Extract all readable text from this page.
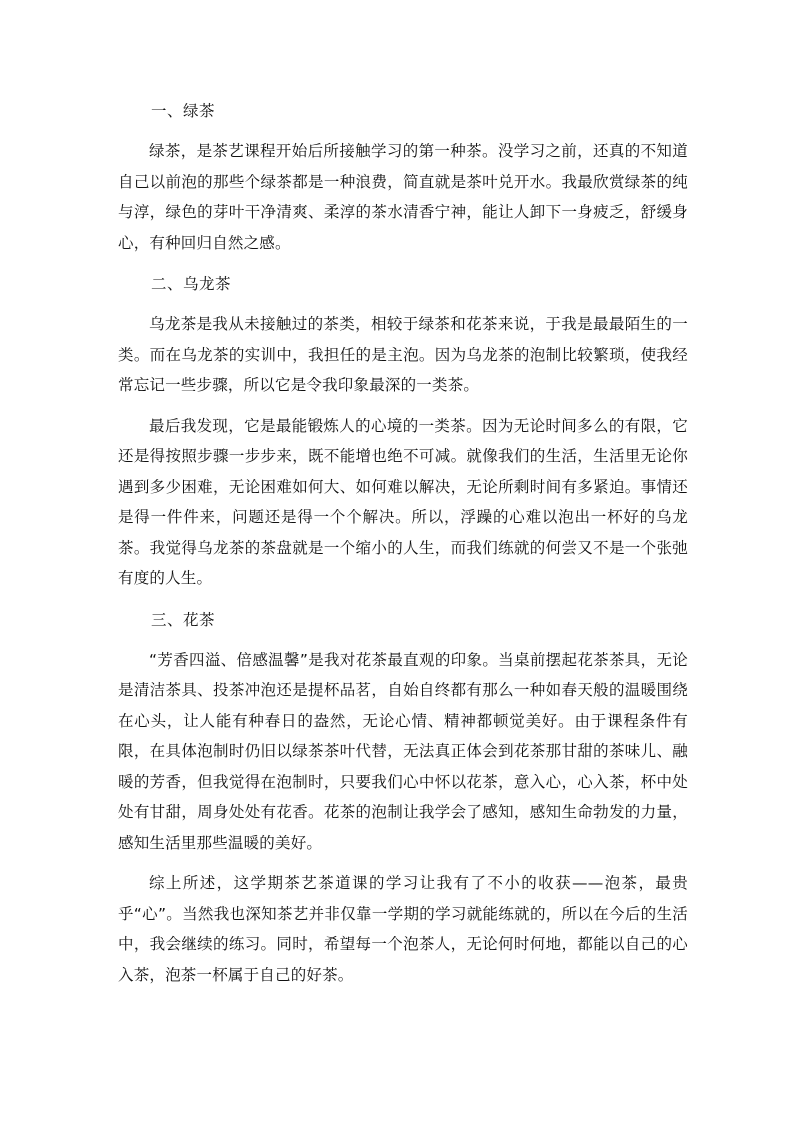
一、绿茶

绿茶，是茶艺课程开始后所接触学习的第一种茶。没学习之前，还真的不知道自己以前泡的那些个绿茶都是一种浪费，简直就是茶叶兑开水。我最欣赏绿茶的纯与淳，绿色的芽叶干净清爽、柔淳的茶水清香宁神，能让人卸下一身疲乏，舒缓身心，有种回归自然之感。

二、乌龙茶

乌龙茶是我从未接触过的茶类，相较于绿茶和花茶来说，于我是最最陌生的一类。而在乌龙茶的实训中，我担任的是主泡。因为乌龙茶的泡制比较繁琐，使我经常忘记一些步骤，所以它是令我印象最深的一类茶。

最后我发现，它是最能锻炼人的心境的一类茶。因为无论时间多么的有限，它还是得按照步骤一步步来，既不能增也绝不可减。就像我们的生活，生活里无论你遇到多少困难，无论困难如何大、如何难以解决，无论所剩时间有多紧迫。事情还是得一件件来，问题还是得一个个解决。所以，浮躁的心难以泡出一杯好的乌龙茶。我觉得乌龙茶的茶盘就是一个缩小的人生，而我们练就的何尝又不是一个张弛有度的人生。

三、花茶

“芳香四溢、倍感温馨”是我对花茶最直观的印象。当桌前摆起花茶茶具，无论是清洁茶具、投茶冲泡还是提杯品茗，自始自终都有那么一种如春天般的温暖围绕在心头，让人能有种春日的盎然，无论心情、精神都顿觉美好。由于课程条件有限，在具体泡制时仍旧以绿茶茶叶代替，无法真正体会到花茶那甘甜的茶味儿、融暖的芳香，但我觉得在泡制时，只要我们心中怀以花茶，意入心，心入茶，杯中处处有甘甜，周身处处有花香。花茶的泡制让我学会了感知，感知生命勃发的力量，感知生活里那些温暖的美好。

综上所述，这学期茶艺茶道课的学习让我有了不小的收获——泡茶，最贵乎“心”。当然我也深知茶艺并非仅靠一学期的学习就能练就的，所以在今后的生活中，我会继续的练习。同时，希望每一个泡茶人，无论何时何地，都能以自己的心入茶，泡茶一杯属于自己的好茶。
